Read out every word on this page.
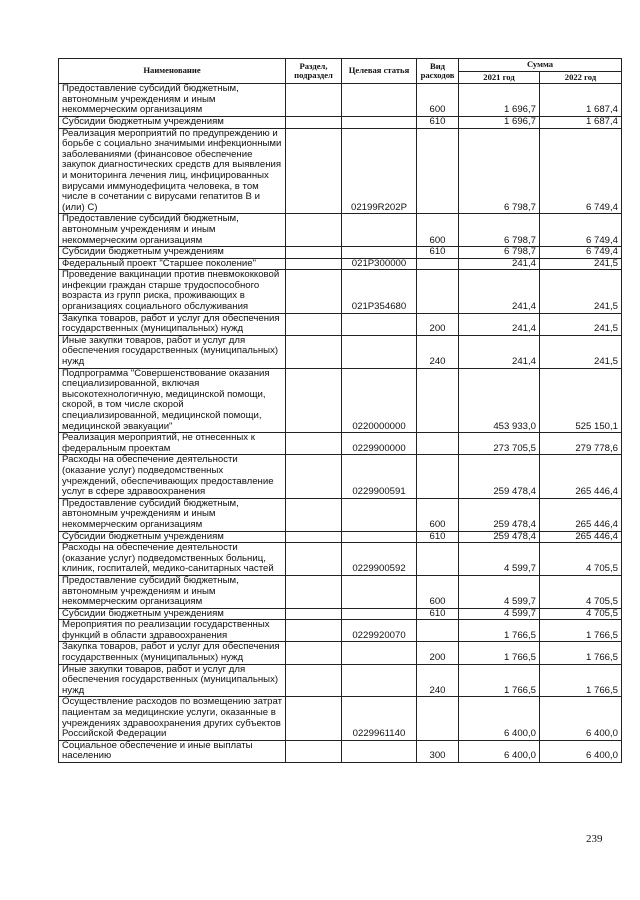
Наименование	Раздел, подраздел	Целевая статья	Вид расходов	Сумма	
				2021 год	2022 год
Предоставление субсидий бюджетным, автономным учреждениям и иным некоммерческим организациям			600	1 696,7	1 687,4
Субсидии бюджетным учреждениям			610	1 696,7	1 687,4
Реализация мероприятий по предупреждению и борьбе с социально значимыми инфекционными заболеваниями (финансовое обеспечение закупок диагностических средств для выявления и мониторинга лечения лиц, инфицированных вирусами иммунодефицита человека, в том числе в сочетании с вирусами гепатитов В и (или) С)		02199R202P		6 798,7	6 749,4
Предоставление субсидий бюджетным, автономным учреждениям и иным некоммерческим организациям			600	6 798,7	6 749,4
Субсидии бюджетным учреждениям			610	6 798,7	6 749,4
Федеральный проект "Старшее поколение"		021P300000		241,4	241,5
Проведение вакцинации против пневмококковой инфекции граждан старше трудоспособного возраста из групп риска, проживающих в организациях социального обслуживания		021P354680		241,4	241,5
Закупка товаров, работ и услуг для обеспечения государственных (муниципальных) нужд			200	241,4	241,5
Иные закупки товаров, работ и услуг для обеспечения государственных (муниципальных) нужд			240	241,4	241,5
Подпрограмма "Совершенствование оказания специализированной, включая высокотехнологичную, медицинской помощи, скорой, в том числе скорой специализированной, медицинской помощи, медицинской эвакуации"		0220000000		453 933,0	525 150,1
Реализация мероприятий, не отнесенных к федеральным проектам		0229900000		273 705,5	279 778,6
Расходы на обеспечение деятельности (оказание услуг) подведомственных учреждений, обеспечивающих предоставление услуг в сфере здравоохранения		0229900591		259 478,4	265 446,4
Предоставление субсидий бюджетным, автономным учреждениям и иным некоммерческим организациям			600	259 478,4	265 446,4
Субсидии бюджетным учреждениям			610	259 478,4	265 446,4
Расходы на обеспечение деятельности (оказание услуг) подведомственных больниц, клиник, госпиталей, медико-санитарных частей		0229900592		4 599,7	4 705,5
Предоставление субсидий бюджетным, автономным учреждениям и иным некоммерческим организациям			600	4 599,7	4 705,5
Субсидии бюджетным учреждениям			610	4 599,7	4 705,5
Мероприятия по реализации государственных функций в области здравоохранения		0229920070		1 766,5	1 766,5
Закупка товаров, работ и услуг для обеспечения государственных (муниципальных) нужд			200	1 766,5	1 766,5
Иные закупки товаров, работ и услуг для обеспечения государственных (муниципальных) нужд			240	1 766,5	1 766,5
Осуществление расходов по возмещению затрат пациентам за медицинские услуги, оказанные в учреждениях здравоохранения других субъектов Российской Федерации		0229961140		6 400,0	6 400,0
Социальное обеспечение и иные выплаты населению			300	6 400,0	6 400,0
239
